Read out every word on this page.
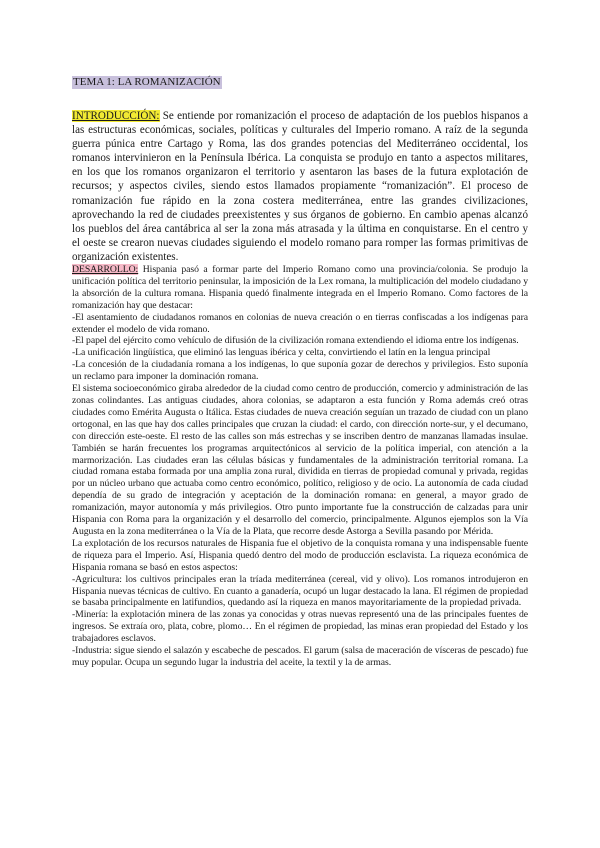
TEMA 1: LA ROMANIZACIÓN

INTRODUCCIÓN: Se entiende por romanización el proceso de adaptación de los pueblos hispanos a las estructuras económicas, sociales, políticas y culturales del Imperio romano. A raíz de la segunda guerra púnica entre Cartago y Roma, las dos grandes potencias del Mediterráneo occidental, los romanos intervinieron en la Península Ibérica. La conquista se produjo en tanto a aspectos militares, en los que los romanos organizaron el territorio y asentaron las bases de la futura explotación de recursos; y aspectos civiles, siendo estos llamados propiamente “romanización”. El proceso de romanización fue rápido en la zona costera mediterránea, entre las grandes civilizaciones, aprovechando la red de ciudades preexistentes y sus órganos de gobierno. En cambio apenas alcanzó los pueblos del área cantábrica al ser la zona más atrasada y la última en conquistarse. En el centro y el oeste se crearon nuevas ciudades siguiendo el modelo romano para romper las formas primitivas de organización existentes.

DESARROLLO: Hispania pasó a formar parte del Imperio Romano como una provincia/colonia. Se produjo la unificación política del territorio peninsular, la imposición de la Lex romana, la multiplicación del modelo ciudadano y la absorción de la cultura romana. Hispania quedó finalmente integrada en el Imperio Romano. Como factores de la romanización hay que destacar:

-El asentamiento de ciudadanos romanos en colonias de nueva creación o en tierras confiscadas a los indígenas para extender el modelo de vida romano.

-El papel del ejército como vehículo de difusión de la civilización romana extendiendo el idioma entre los indígenas.

-La unificación lingüística, que eliminó las lenguas ibérica y celta, convirtiendo el latín en la lengua principal

-La concesión de la ciudadanía romana a los indígenas, lo que suponía gozar de derechos y privilegios. Esto suponía un reclamo para imponer la dominación romana.

El sistema socioeconómico giraba alrededor de la ciudad como centro de producción, comercio y administración de las zonas colindantes. Las antiguas ciudades, ahora colonias, se adaptaron a esta función y Roma además creó otras ciudades como Emérita Augusta o Itálica. Estas ciudades de nueva creación seguían un trazado de ciudad con un plano ortogonal, en las que hay dos calles principales que cruzan la ciudad: el cardo, con dirección norte-sur, y el decumano, con dirección este-oeste. El resto de las calles son más estrechas y se inscriben dentro de manzanas llamadas insulae. También se harán frecuentes los programas arquitectónicos al servicio de la política imperial, con atención a la marmorización. Las ciudades eran las células básicas y fundamentales de la administración territorial romana. La ciudad romana estaba formada por una amplia zona rural, dividida en tierras de propiedad comunal y privada, regidas por un núcleo urbano que actuaba como centro económico, político, religioso y de ocio. La autonomía de cada ciudad dependía de su grado de integración y aceptación de la dominación romana: en general, a mayor grado de romanización, mayor autonomía y más privilegios. Otro punto importante fue la construcción de calzadas para unir Hispania con Roma para la organización y el desarrollo del comercio, principalmente. Algunos ejemplos son la Vía Augusta en la zona mediterránea o la Vía de la Plata, que recorre desde Astorga a Sevilla pasando por Mérida.

La explotación de los recursos naturales de Hispania fue el objetivo de la conquista romana y una indispensable fuente de riqueza para el Imperio. Así, Hispania quedó dentro del modo de producción esclavista. La riqueza económica de Hispania romana se basó en estos aspectos:

-Agricultura: los cultivos principales eran la tríada mediterránea (cereal, vid y olivo). Los romanos introdujeron en Hispania nuevas técnicas de cultivo. En cuanto a ganadería, ocupó un lugar destacado la lana. El régimen de propiedad se basaba principalmente en latifundios, quedando así la riqueza en manos mayoritariamente de la propiedad privada.

-Minería: la explotación minera de las zonas ya conocidas y otras nuevas representó una de las principales fuentes de ingresos. Se extraía oro, plata, cobre, plomo… En el régimen de propiedad, las minas eran propiedad del Estado y los trabajadores esclavos.

-Industria: sigue siendo el salazón y escabeche de pescados. El garum (salsa de maceración de vísceras de pescado) fue muy popular. Ocupa un segundo lugar la industria del aceite, la textil y la de armas.
